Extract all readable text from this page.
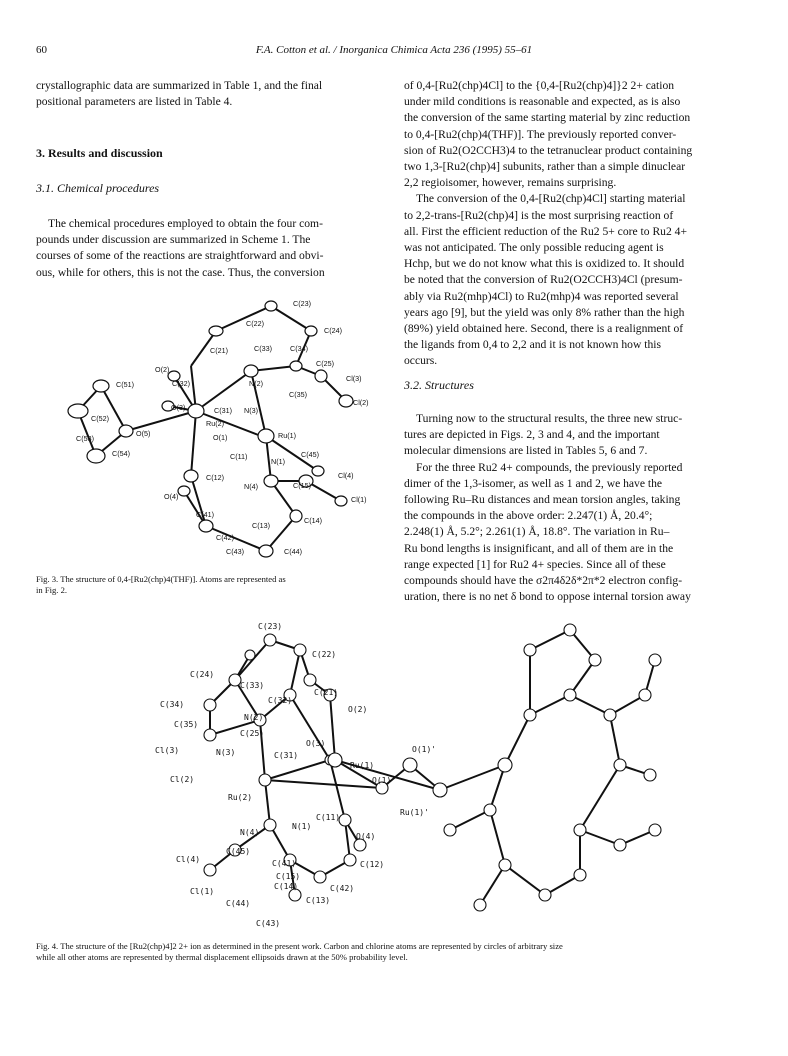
60	F.A. Cotton et al. / Inorganica Chimica Acta 236 (1995) 55–61

crystallographic data are summarized in Table 1, and the final

positional parameters are listed in Table 4.

3. Results and discussion
3.1. Chemical procedures

The chemical procedures employed to obtain the four com-

pounds under discussion are summarized in Scheme 1. The

courses of some of the reactions are straightforward and obvi-

ous, while for others, this is not the case. Thus, the conversion

of 0,4-[Ru2(chp)4Cl] to the {0,4-[Ru2(chp)4]}2 2+ cation

under mild conditions is reasonable and expected, as is also

the conversion of the same starting material by zinc reduction

to 0,4-[Ru2(chp)4(THF)]. The previously reported conver-

sion of Ru2(O2CCH3)4 to the tetranuclear product containing

two 1,3-[Ru2(chp)4] subunits, rather than a simple dinuclear

2,2 regioisomer, however, remains surprising.

The conversion of the 0,4-[Ru2(chp)4Cl] starting material

to 2,2-trans-[Ru2(chp)4] is the most surprising reaction of

all. First the efficient reduction of the Ru2 5+ core to Ru2 4+

was not anticipated. The only possible reducing agent is

Hchp, but we do not know what this is oxidized to. It should

be noted that the conversion of Ru2(O2CCH3)4Cl (presum-

ably via Ru2(mhp)4Cl) to Ru2(mhp)4 was reported several

years ago [9], but the yield was only 8% rather than the high

(89%) yield obtained here. Second, there is a realignment of

the ligands from 0,4 to 2,2 and it is not known how this

occurs.

3.2. Structures

Turning now to the structural results, the three new struc-

tures are depicted in Figs. 2, 3 and 4, and the important

molecular dimensions are listed in Tables 5, 6 and 7.

For the three Ru2 4+ compounds, the previously reported

dimer of the 1,3-isomer, as well as 1 and 2, we have the

following Ru–Ru distances and mean torsion angles, taking

the compounds in the above order: 2.247(1) Å, 20.4°;

2.248(1) Å, 5.2°; 2.261(1) Å, 18.8°. The variation in Ru–

Ru bond lengths is insignificant, and all of them are in the

range expected [1] for Ru2 4+ species. Since all of these

compounds should have the σ2π4δ2δ*2π*2 electron config-

uration, there is no net δ bond to oppose internal torsion away

C(23)
C(22)
C(24)
C(21)	C(33)	C(34)
O(2)
C(25)
N(2)
C(51)	C(32)
Cl(3)
C(35)
O(3)
Cl(2)
C(52)
C(31) N(3)
Ru(2)
O(5)
C(53)	O(1)	Ru(1)
C(54)	C(11)	C(45)
N(1)
Cl(4)
C(12)
N(4)	C(15)
O(4)	Cl(1)
C(41)
C(14)
C(13)
C(42)
C(43)	C(44)
Fig. 3. The structure of 0,4-[Ru2(chp)4(THF)]. Atoms are represented as
in Fig. 2.
C(23)
C(22)
C(24)
C(33)
C(21)
C(34)	C(32)
O(2)
C(35)
N(2)
C(25)
O(3)
Cl(3)	N(3)	C(31)
Ru(1)
O(1)'
Cl(2)	O(1)
Ru(2)
Ru(1)'
C(11)
N(1)
N(4)	O(4)
C(45)
Cl(4)	C(41)	C(12)
C(15)
C(42)
Cl(1)
C(14)
C(44)	C(13)
C(43)
Fig. 4. The structure of the [Ru2(chp)4]2 2+ ion as determined in the present work. Carbon and chlorine atoms are represented by circles of arbitrary size
while all other atoms are represented by thermal displacement ellipsoids drawn at the 50% probability level.
